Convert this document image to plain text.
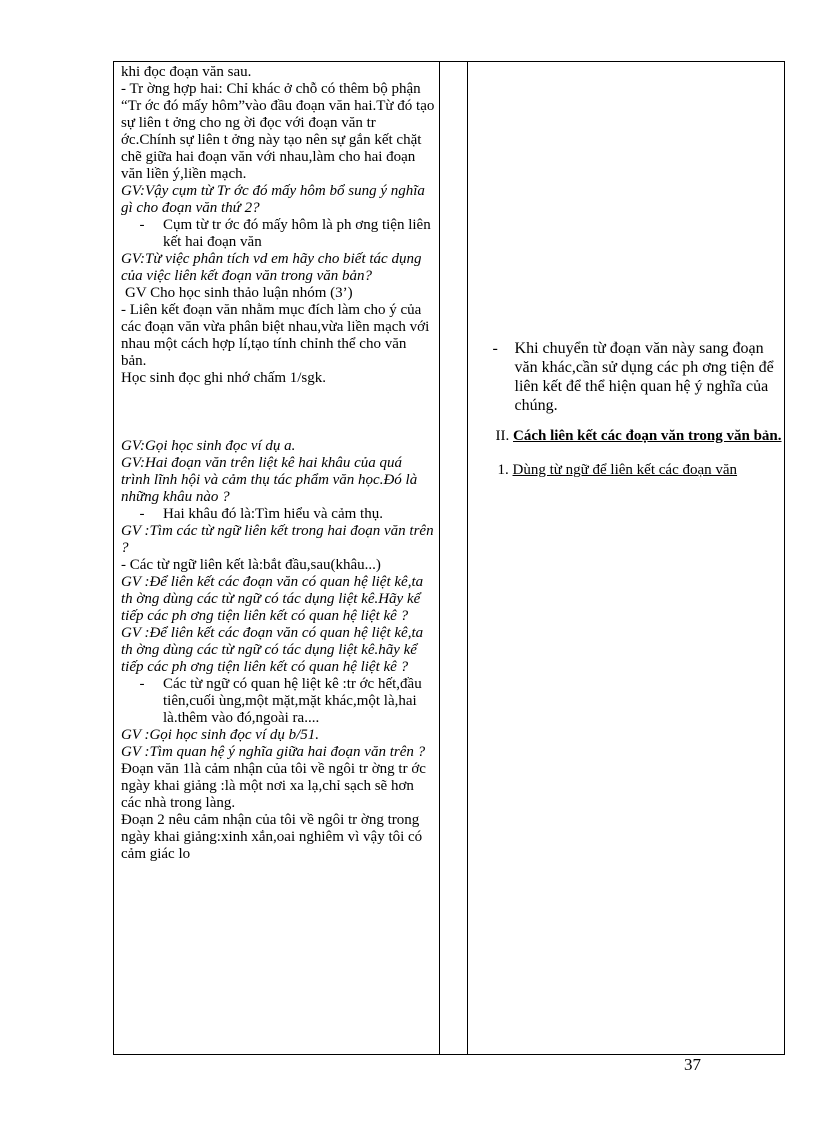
khi đọc đoạn văn sau.

- Tr ờng hợp hai: Chỉ khác ở chỗ có thêm bộ phận “Tr ớc đó mấy hôm”vào đầu đoạn văn hai.Từ đó tạo sự liên t ởng cho ng ời đọc với đoạn văn tr ớc.Chính sự liên t ởng này tạo nên sự gắn kết chặt chẽ giữa hai đoạn văn với nhau,làm cho hai đoạn văn liền ý,liền mạch.

GV:Vậy cụm từ Tr ớc đó mấy hôm bổ sung ý nghĩa gì cho đoạn văn thứ 2?

-	Cụm từ tr ớc đó mấy hôm là ph ơng tiện liên kết hai đoạn văn

GV:Từ việc phân tích vd em hãy cho biết tác dụng của việc liên kết đoạn văn trong văn bản?

GV Cho học sinh thảo luận nhóm (3’)

- Liên kết đoạn văn nhằm mục đích làm cho ý của các đoạn văn vừa phân biệt nhau,vừa liền mạch với nhau một cách hợp lí,tạo tính chỉnh thể cho văn bản.

Học sinh đọc ghi nhớ chấm 1/sgk.

GV:Gọi học sinh đọc ví dụ a.

GV:Hai đoạn văn trên liệt kê hai khâu của quá trình lĩnh hội và cảm thụ tác phẩm văn học.Đó là những khâu nào ?

-	Hai khâu đó là:Tìm hiểu và cảm thụ.

GV :Tìm các từ ngữ liên kết trong hai đoạn văn trên ?

- Các từ ngữ liên kết là:bắt đầu,sau(khâu...)

GV :Để liên kết các đoạn văn có quan hệ liệt kê,ta th ờng dùng các từ ngữ có tác dụng liệt kê.Hãy kể tiếp các ph ơng tiện liên kết có quan hệ liệt kê ?

GV :Để liên kết các đoạn văn có quan hệ liệt kê,ta th ờng dùng các từ ngữ có tác dụng liệt kê.hãy kể tiếp các ph ơng tiện liên kết có quan hệ liệt kê ?

-	Các từ ngữ có quan hệ liệt kê :tr ớc hết,đầu tiên,cuối ùng,một mặt,mặt khác,một là,hai là.thêm vào đó,ngoài ra....

GV :Gọi học sinh đọc ví dụ b/51.

GV :Tìm quan hệ ý nghĩa giữa hai đoạn văn trên ?

Đoạn văn 1là cảm nhận của tôi về ngôi tr ờng tr ớc ngày khai giảng :là một nơi xa lạ,chỉ sạch sẽ hơn các nhà trong làng.

Đoạn 2 nêu cảm nhận của tôi về ngôi tr ờng trong ngày khai giảng:xinh xắn,oai nghiêm vì vậy tôi có cảm giác lo

-	Khi chuyển từ đoạn văn này sang đoạn văn khác,cần sử dụng các ph ơng tiện để liên kết để thể hiện quan hệ ý nghĩa của chúng.
II. Cách liên kết các đoạn văn trong văn bản.
1. Dùng từ ngữ để liên kết các đoạn văn
37
